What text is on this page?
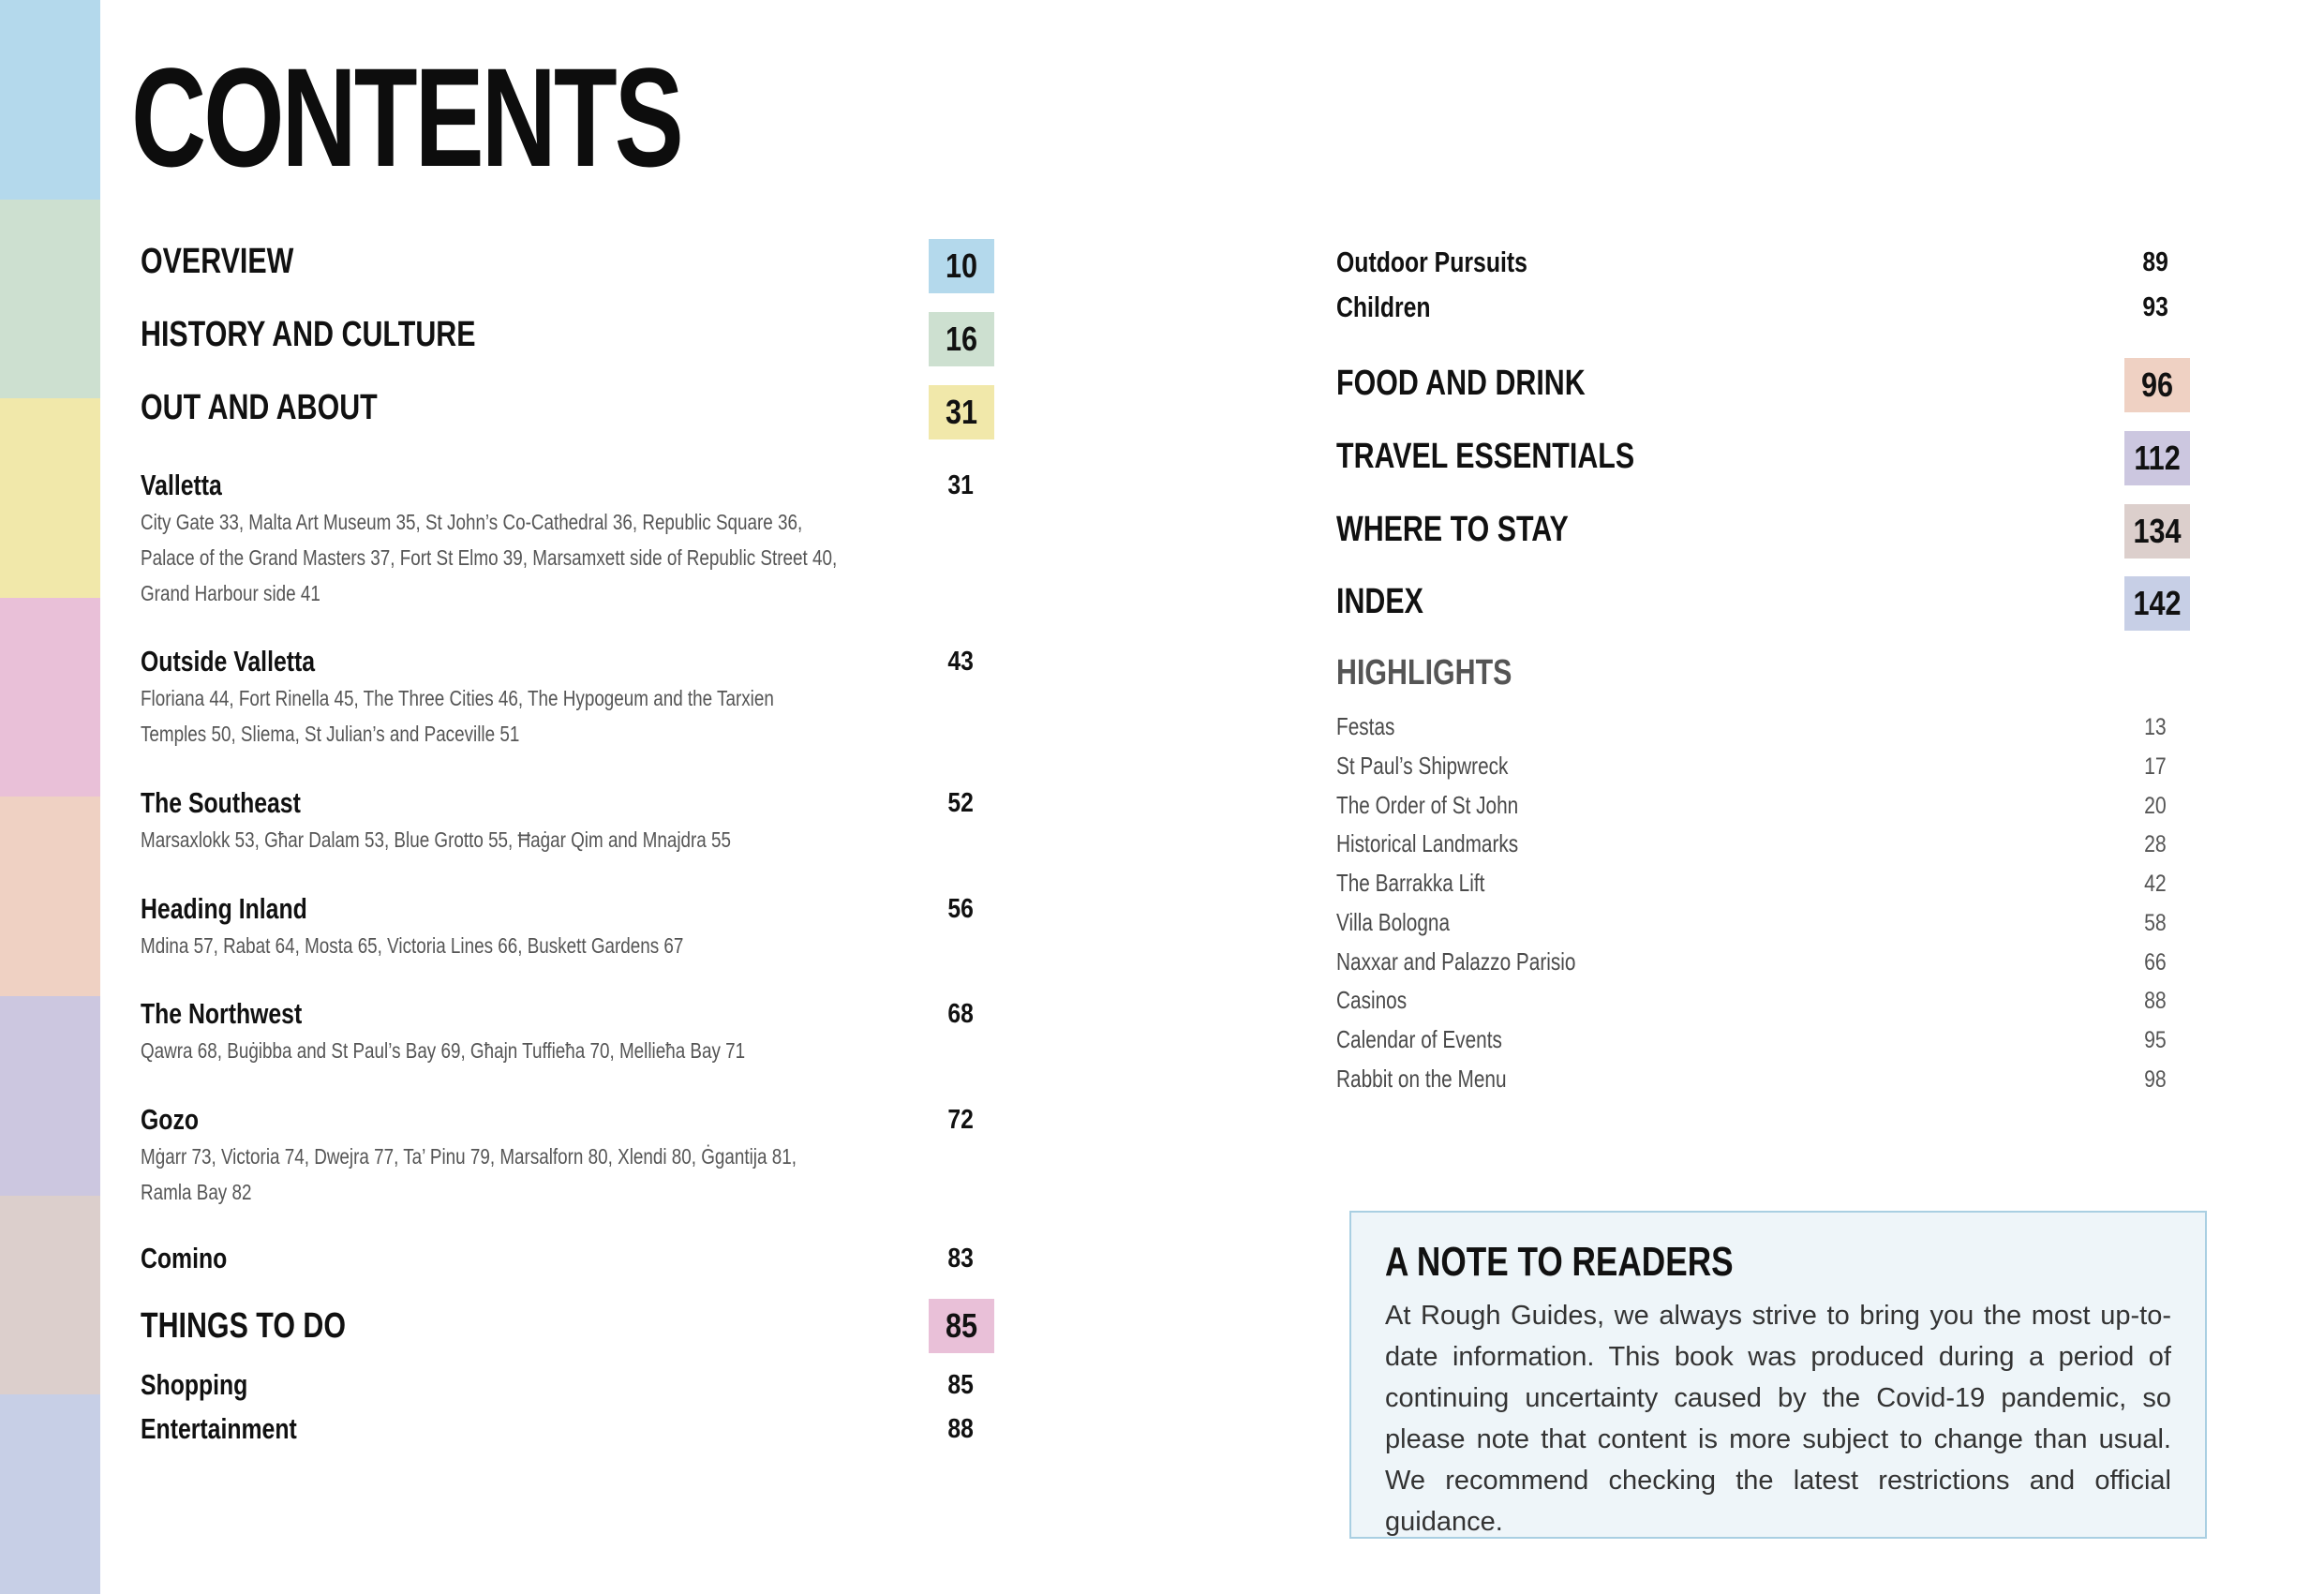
CONTENTS
OVERVIEW	10
HISTORY AND CULTURE	16
OUT AND ABOUT	31
Valletta	31
City Gate 33, Malta Art Museum 35, St John’s Co-Cathedral 36, Republic Square 36,
Palace of the Grand Masters 37, Fort St Elmo 39, Marsamxett side of Republic Street 40,
Grand Harbour side 41
Outside Valletta	43
Floriana 44, Fort Rinella 45, The Three Cities 46, The Hypogeum and the Tarxien
Temples 50, Sliema, St Julian’s and Paceville 51
The Southeast	52
Marsaxlokk 53, Għar Dalam 53, Blue Grotto 55, Ħaġar Qim and Mnajdra 55
Heading Inland	56
Mdina 57, Rabat 64, Mosta 65, Victoria Lines 66, Buskett Gardens 67
The Northwest	68
Qawra 68, Buġibba and St Paul’s Bay 69, Għajn Tuffieħa 70, Mellieħa Bay 71
Gozo	72
Mġarr 73, Victoria 74, Dwejra 77, Ta’ Pinu 79, Marsalforn 80, Xlendi 80, Ġgantija 81,
Ramla Bay 82
Comino	83
THINGS TO DO	85
Shopping	85
Entertainment	88
Outdoor Pursuits	89
Children	93
FOOD AND DRINK	96
TRAVEL ESSENTIALS	112
WHERE TO STAY	134
INDEX	142
HIGHLIGHTS
Festas	13
St Paul’s Shipwreck	17
The Order of St John	20
Historical Landmarks	28
The Barrakka Lift	42
Villa Bologna	58
Naxxar and Palazzo Parisio	66
Casinos	88
Calendar of Events	95
Rabbit on the Menu	98
A NOTE TO READERS

At Rough Guides, we always strive to bring you the most up-to-date information. This book was produced during a period of continuing uncertainty caused by the Covid-19 pandemic, so please note that content is more subject to change than usual. We recommend checking the latest restrictions and official guidance.
